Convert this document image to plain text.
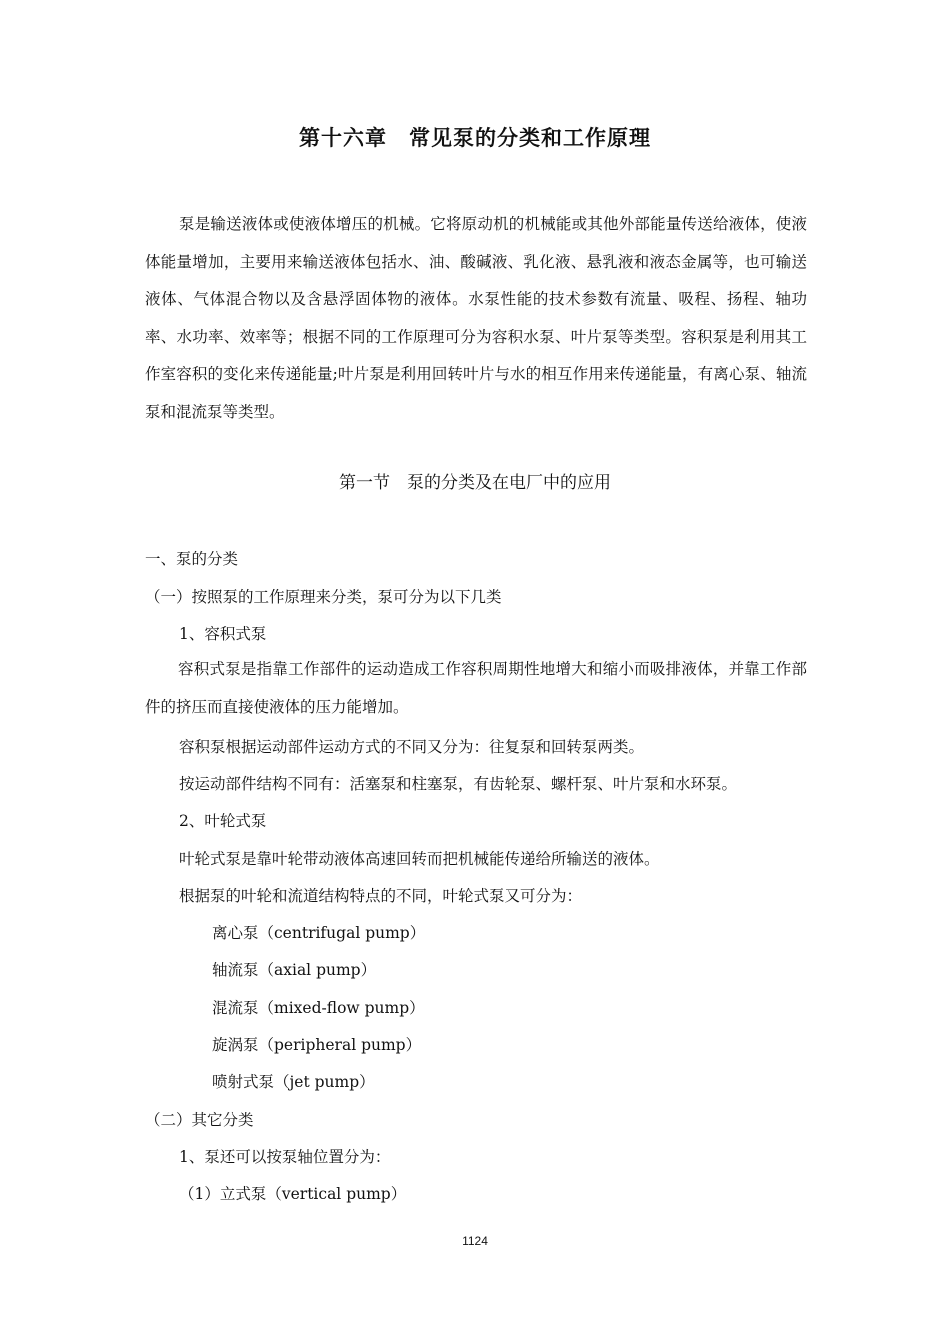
第十六章　常见泵的分类和工作原理

泵是输送液体或使液体增压的机械。它将原动机的机械能或其他外部能量传送给液体，使液体能量增加，主要用来输送液体包括水、油、酸碱液、乳化液、悬乳液和液态金属等，也可输送液体、气体混合物以及含悬浮固体物的液体。水泵性能的技术参数有流量、吸程、扬程、轴功率、水功率、效率等；根据不同的工作原理可分为容积水泵、叶片泵等类型。容积泵是利用其工作室容积的变化来传递能量;叶片泵是利用回转叶片与水的相互作用来传递能量，有离心泵、轴流泵和混流泵等类型。

第一节　泵的分类及在电厂中的应用
一、泵的分类
（一）按照泵的工作原理来分类，泵可分为以下几类
1、容积式泵

容积式泵是指靠工作部件的运动造成工作容积周期性地增大和缩小而吸排液体，并靠工作部件的挤压而直接使液体的压力能增加。

容积泵根据运动部件运动方式的不同又分为：往复泵和回转泵两类。
按运动部件结构不同有：活塞泵和柱塞泵，有齿轮泵、螺杆泵、叶片泵和水环泵。
2、叶轮式泵
叶轮式泵是靠叶轮带动液体高速回转而把机械能传递给所输送的液体。
根据泵的叶轮和流道结构特点的不同，叶轮式泵又可分为：
离心泵（centrifugal pump）
轴流泵（axial pump）
混流泵（mixed-flow pump）
旋涡泵（peripheral pump）
喷射式泵（jet pump）
（二）其它分类
1、泵还可以按泵轴位置分为：
（1）立式泵（vertical pump）
1124
